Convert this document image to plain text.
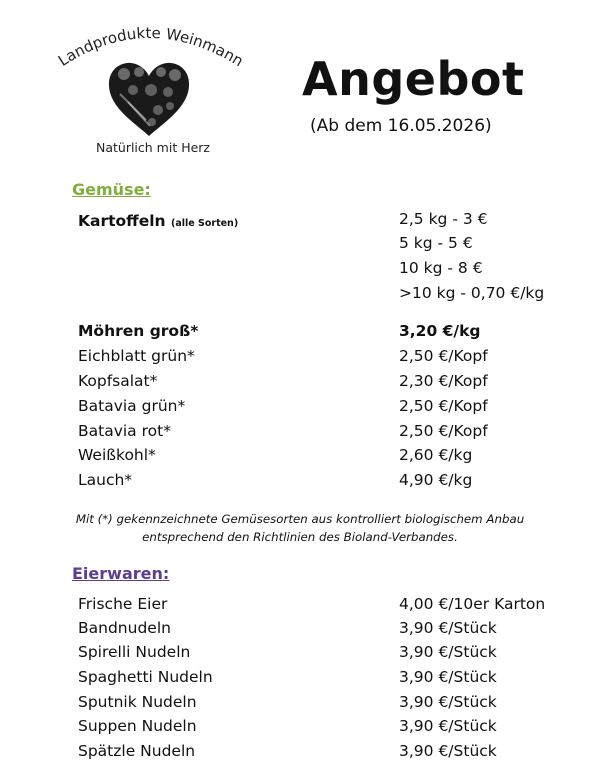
Landprodukte Weinmann
Natürlich mit Herz
Angebot
(Ab dem 16.05.2026)
Gemüse:
Kartoffeln (alle Sorten)	2,5 kg - 3 €
5 kg - 5 €
10 kg - 8 €
>10 kg - 0,70 €/kg
Möhren groß*	3,20 €/kg
Eichblatt grün*	2,50 €/Kopf
Kopfsalat*	2,30 €/Kopf
Batavia grün*	2,50 €/Kopf
Batavia rot*	2,50 €/Kopf
Weißkohl*	2,60 €/kg
Lauch*	4,90 €/kg
Mit (*) gekennzeichnete Gemüsesorten aus kontrolliert biologischem Anbau
entsprechend den Richtlinien des Bioland-Verbandes.
Eierwaren:
Frische Eier	4,00 €/10er Karton
Bandnudeln	3,90 €/Stück
Spirelli Nudeln	3,90 €/Stück
Spaghetti Nudeln	3,90 €/Stück
Sputnik Nudeln	3,90 €/Stück
Suppen Nudeln	3,90 €/Stück
Spätzle Nudeln	3,90 €/Stück
